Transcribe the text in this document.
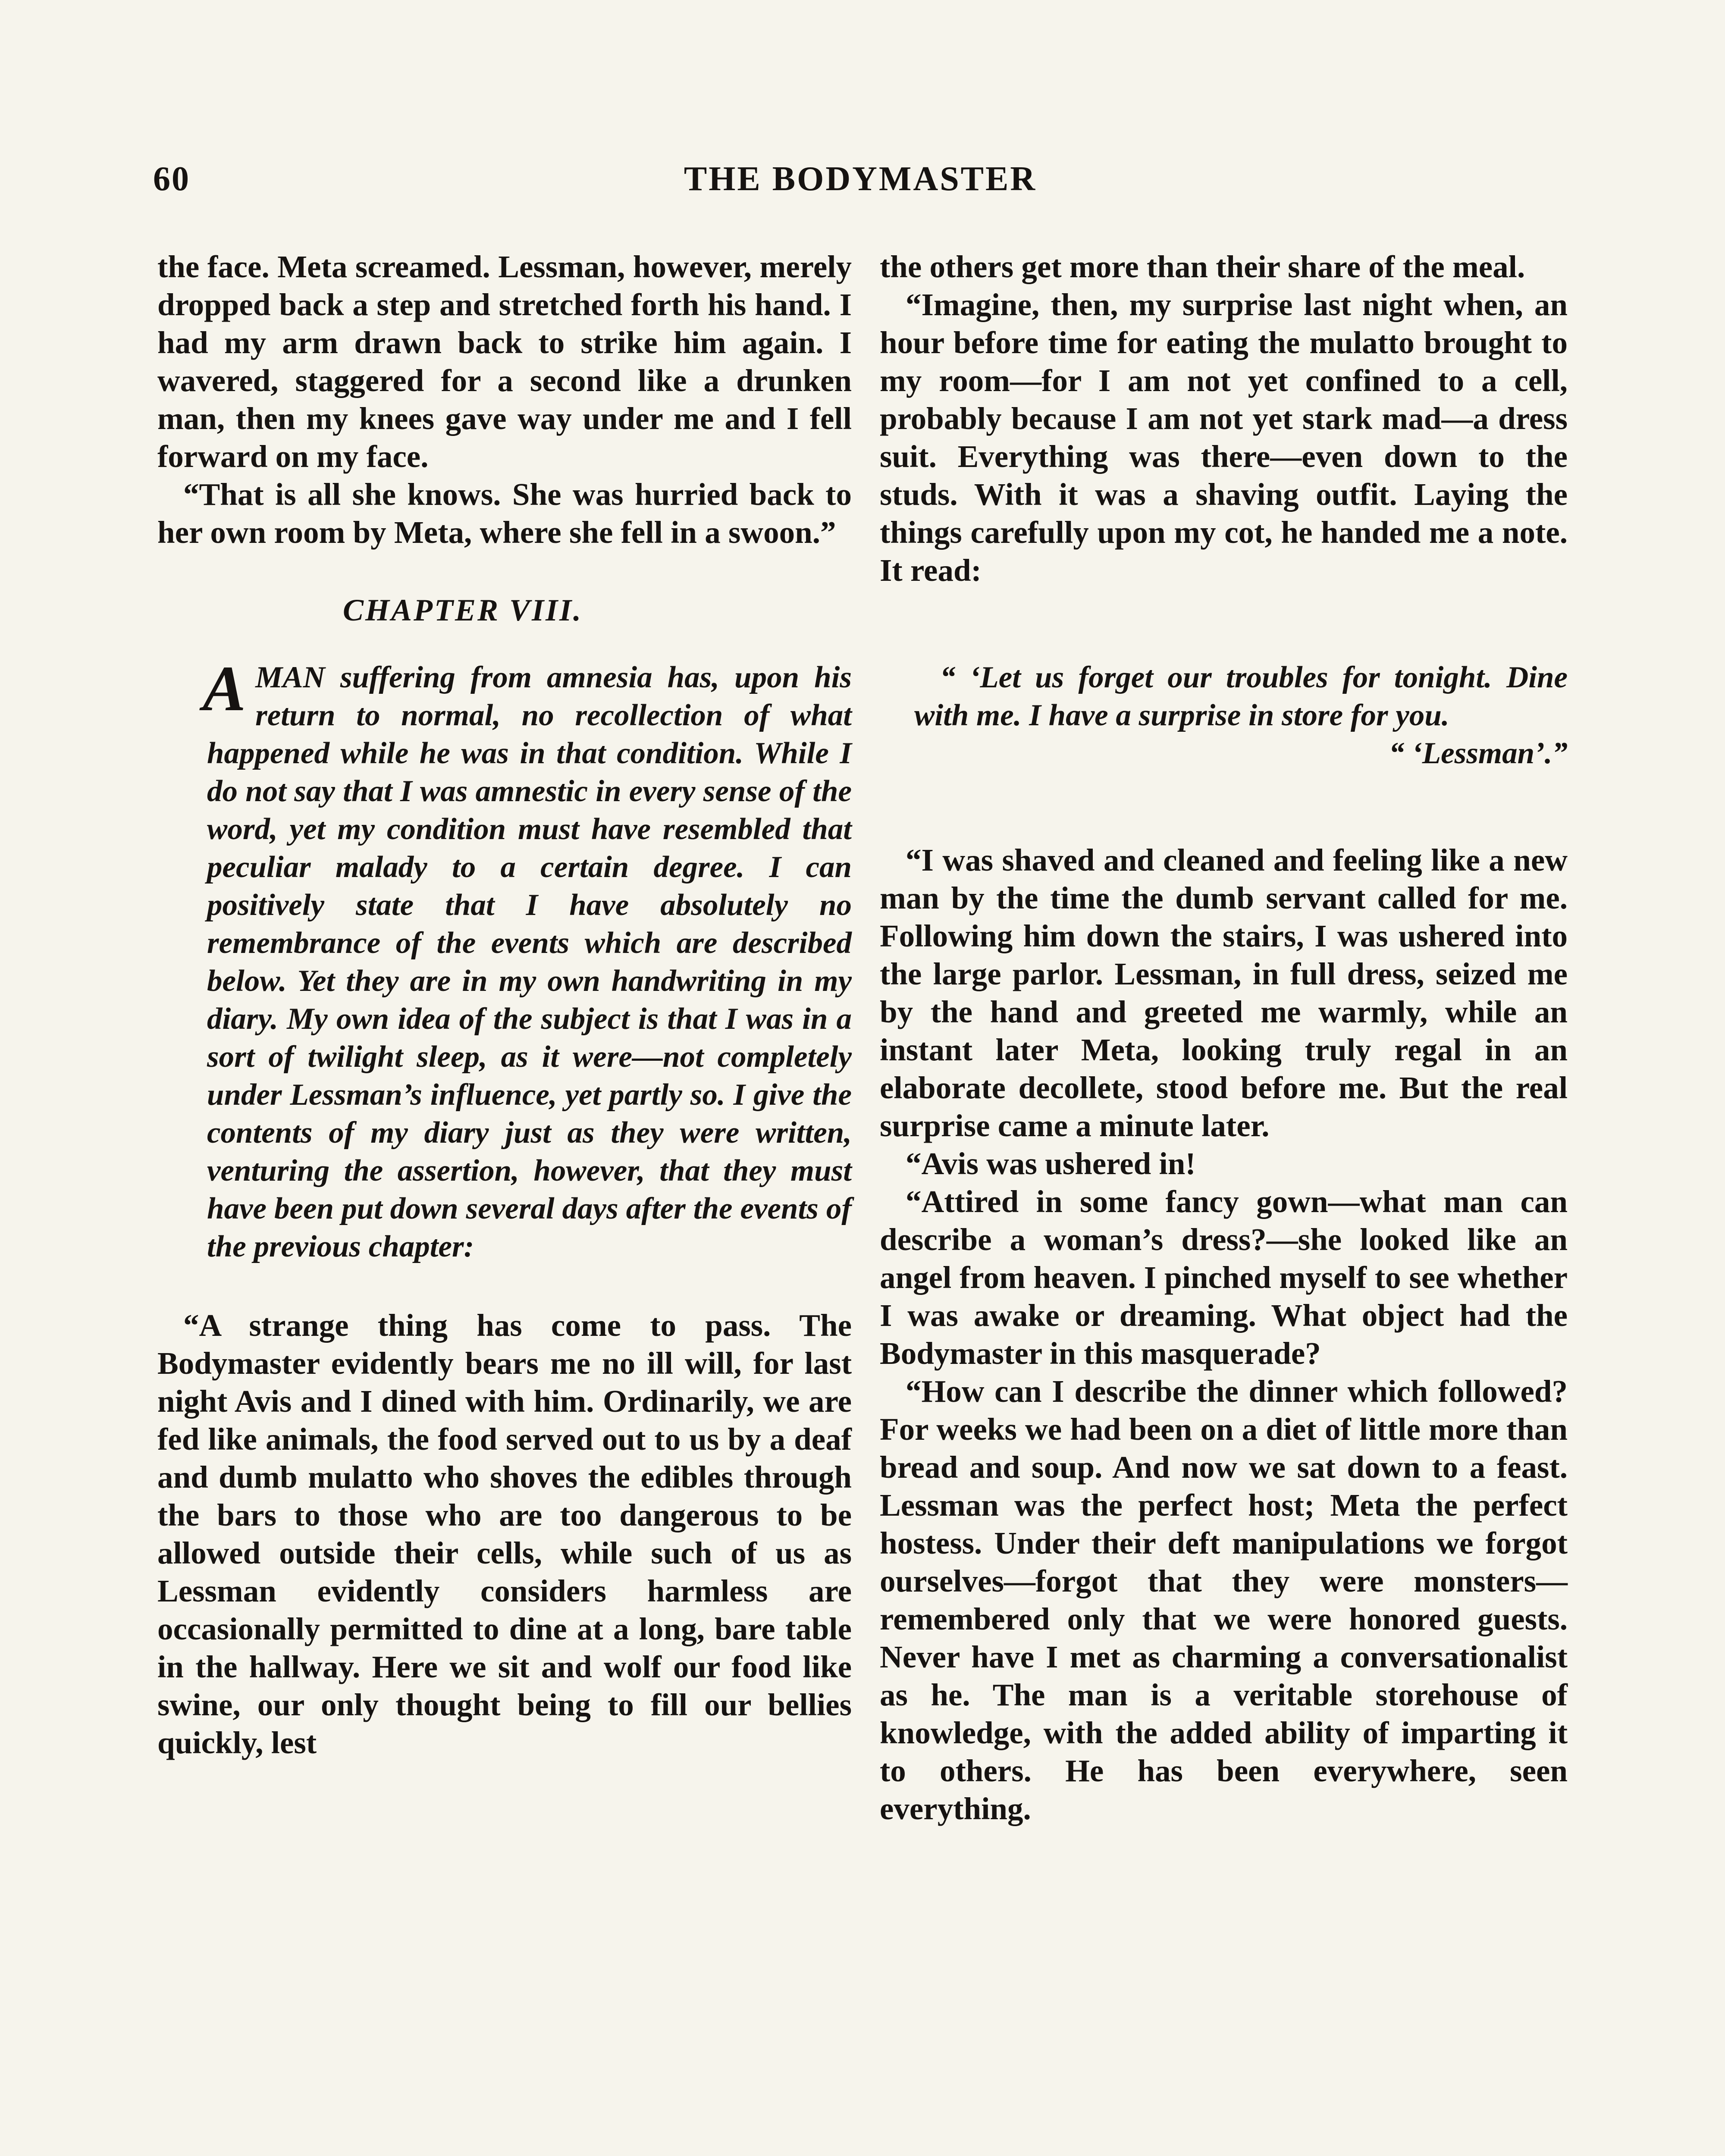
60	THE BODYMASTER

the face. Meta screamed. Lessman, however, merely dropped back a step and stretched forth his hand. I had my arm drawn back to strike him again. I wavered, staggered for a second like a drunken man, then my knees gave way under me and I fell forward on my face.

“That is all she knows. She was hurried back to her own room by Meta, where she fell in a swoon.”

CHAPTER VIII.

AMAN suffering from amnesia has, upon his return to normal, no recollection of what happened while he was in that condition. While I do not say that I was amnestic in every sense of the word, yet my condition must have resembled that peculiar malady to a certain degree. I can positively state that I have absolutely no remembrance of the events which are described below. Yet they are in my own handwriting in my diary. My own idea of the subject is that I was in a sort of twilight sleep, as it were—not completely under Lessman’s influence, yet partly so. I give the contents of my diary just as they were written, venturing the assertion, however, that they must have been put down several days after the events of the previous chapter:

“A strange thing has come to pass. The Bodymaster evidently bears me no ill will, for last night Avis and I dined with him. Ordinarily, we are fed like animals, the food served out to us by a deaf and dumb mulatto who shoves the edibles through the bars to those who are too dangerous to be allowed outside their cells, while such of us as Lessman evidently considers harmless are occasionally permitted to dine at a long, bare table in the hallway. Here we sit and wolf our food like swine, our only thought being to fill our bellies quickly, lest

the others get more than their share of the meal.

“Imagine, then, my surprise last night when, an hour before time for eating the mulatto brought to my room—for I am not yet confined to a cell, probably because I am not yet stark mad—a dress suit. Everything was there—even down to the studs. With it was a shaving outfit. Laying the things carefully upon my cot, he handed me a note. It read:

“ ‘Let us forget our troubles for tonight. Dine with me. I have a surprise in store for you.

“ ‘Lessman’.”

“I was shaved and cleaned and feeling like a new man by the time the dumb servant called for me. Following him down the stairs, I was ushered into the large parlor. Lessman, in full dress, seized me by the hand and greeted me warmly, while an instant later Meta, looking truly regal in an elaborate decollete, stood before me. But the real surprise came a minute later.

“Avis was ushered in!

“Attired in some fancy gown—what man can describe a woman’s dress?—she looked like an angel from heaven. I pinched myself to see whether I was awake or dreaming. What object had the Bodymaster in this masquerade?

“How can I describe the dinner which followed? For weeks we had been on a diet of little more than bread and soup. And now we sat down to a feast. Lessman was the perfect host; Meta the perfect hostess. Under their deft manipulations we forgot ourselves—forgot that they were monsters—remembered only that we were honored guests. Never have I met as charming a conversationalist as he. The man is a veritable storehouse of knowledge, with the added ability of imparting it to others. He has been everywhere, seen everything.
